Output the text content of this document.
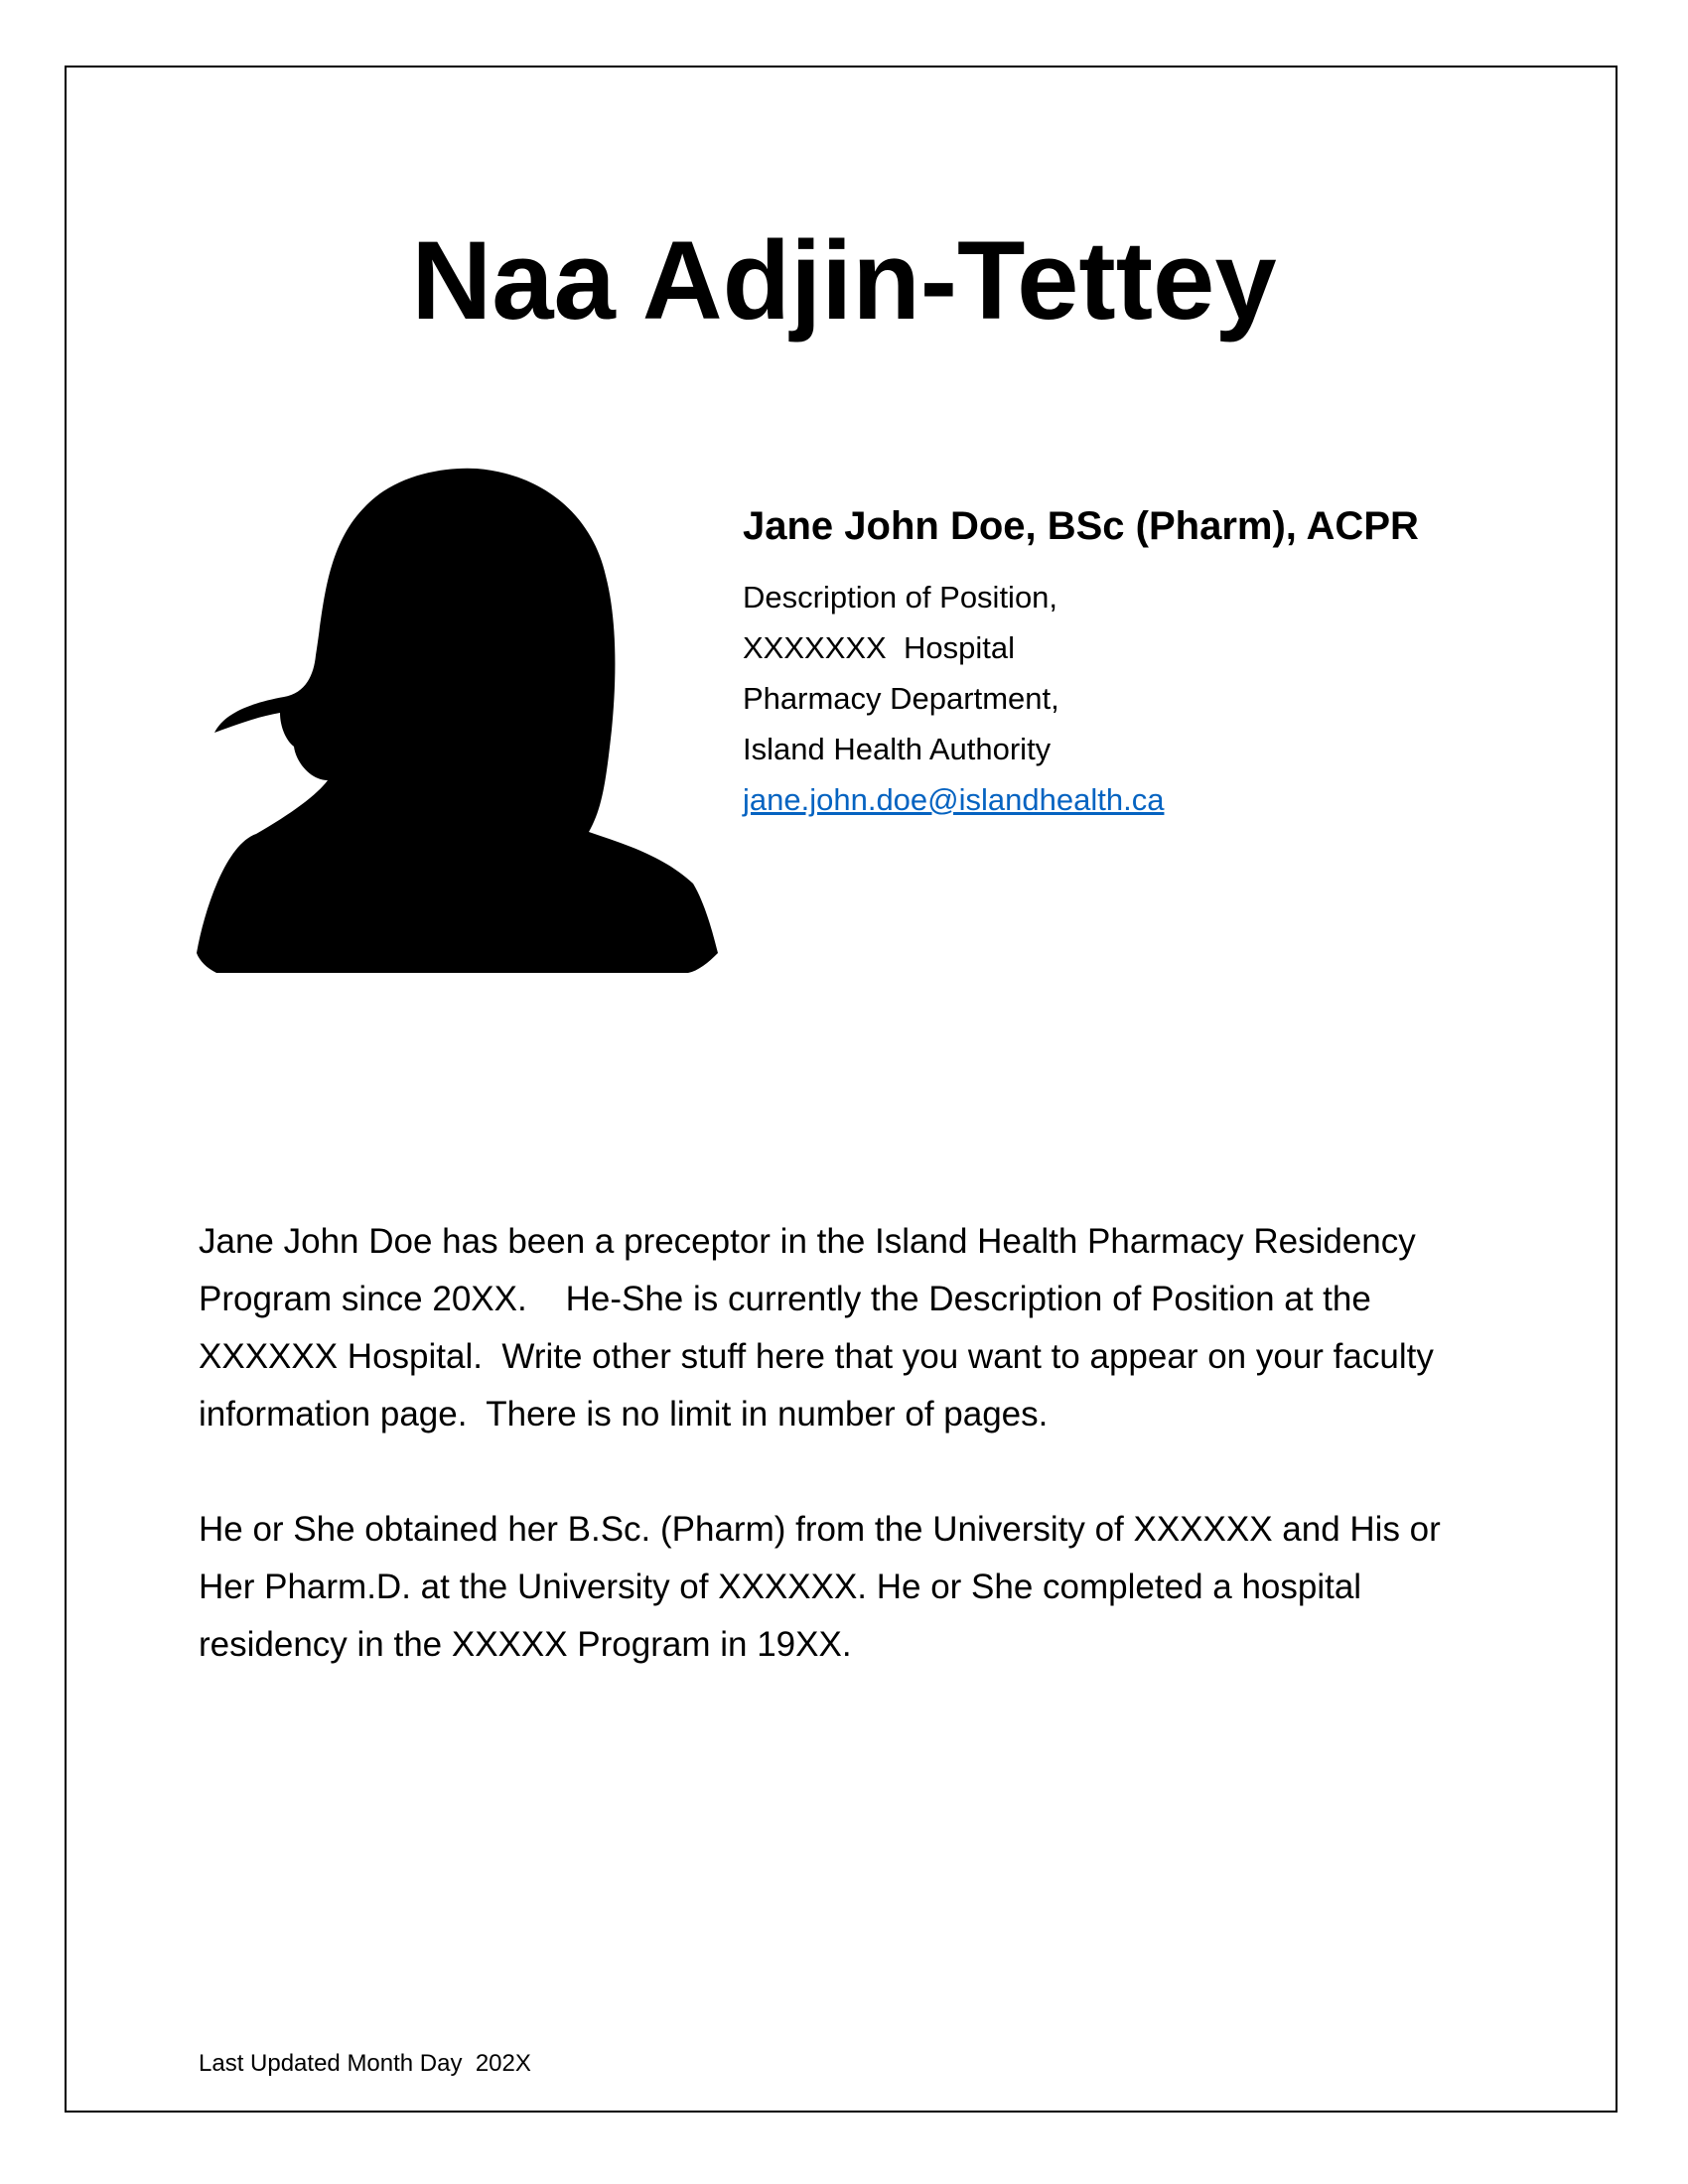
Naa Adjin-Tettey

Jane John Doe, BSc (Pharm), ACPR

Description of Position,

XXXXXXX  Hospital

Pharmacy Department,

Island Health Authority

jane.john.doe@islandhealth.ca

Jane John Doe has been a preceptor in the Island Health Pharmacy Residency Program since 20XX.    He-She is currently the Description of Position at the XXXXXX Hospital.  Write other stuff here that you want to appear on your faculty information page.  There is no limit in number of pages.

He or She obtained her B.Sc. (Pharm) from the University of XXXXXX and His or Her Pharm.D. at the University of XXXXXX. He or She completed a hospital residency in the XXXXX Program in 19XX.

Last Updated Month Day  202X
